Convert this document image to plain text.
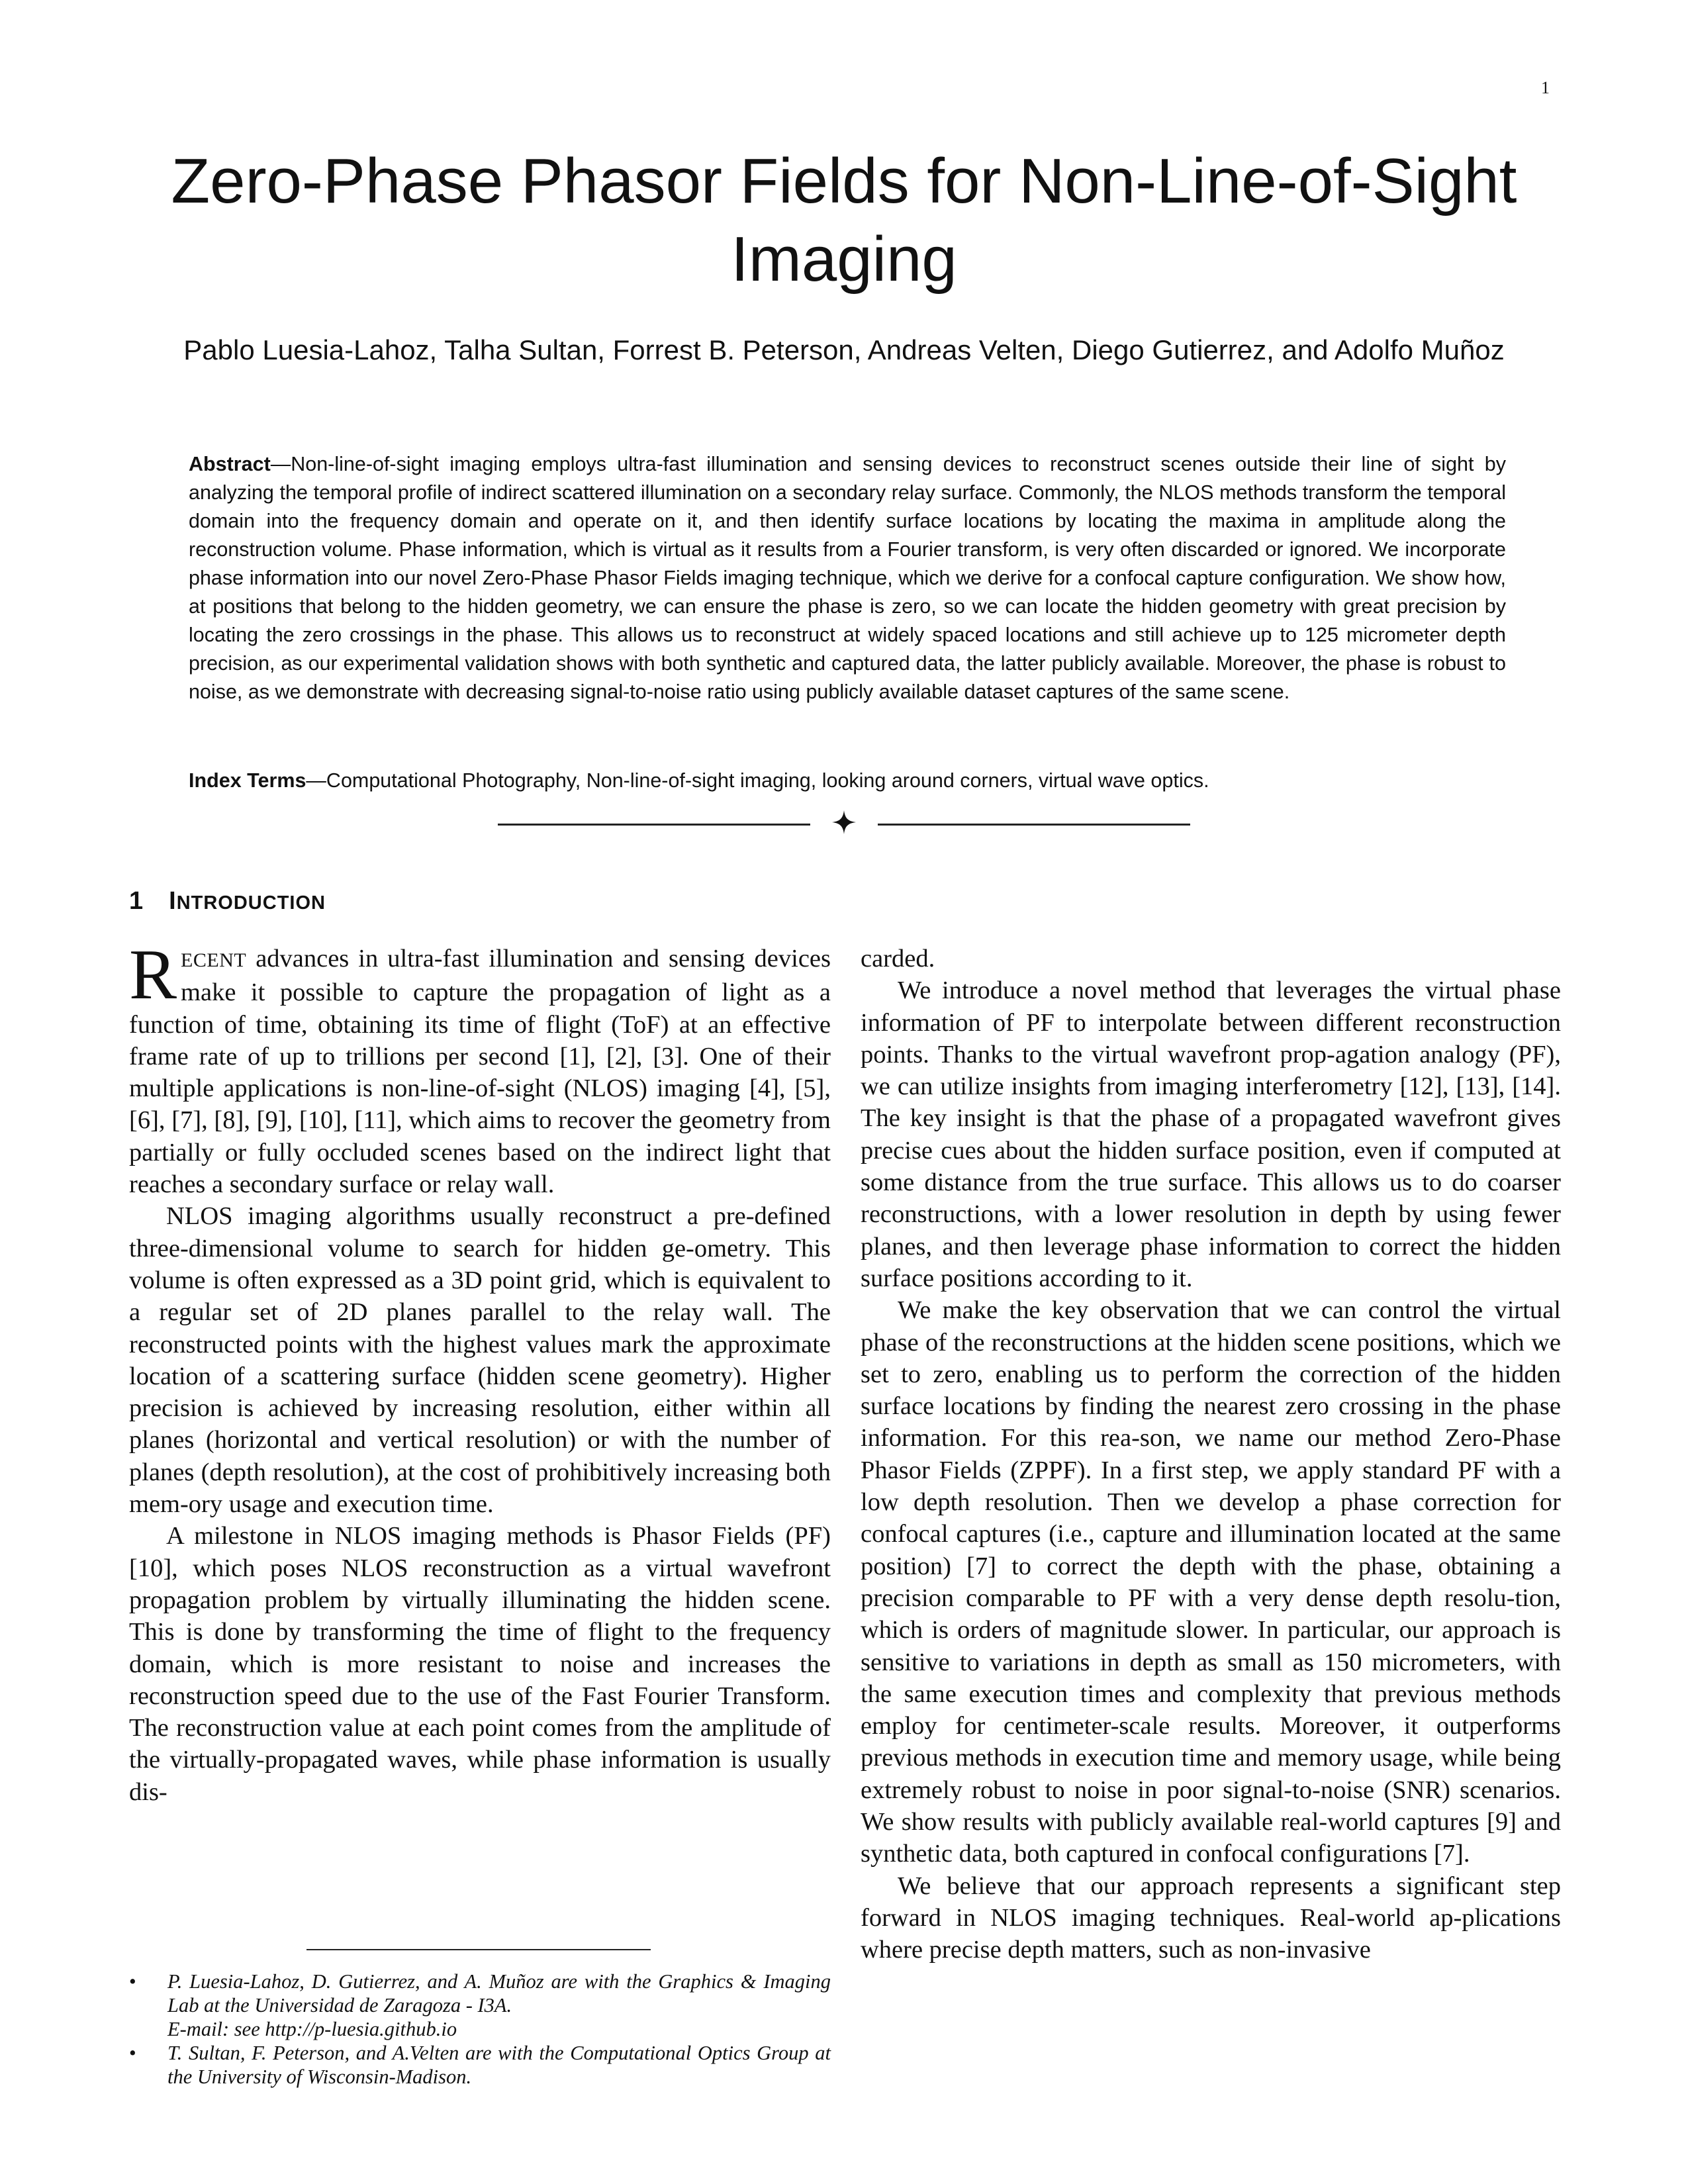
1
Zero-Phase Phasor Fields for Non-Line-of-Sight Imaging
Pablo Luesia-Lahoz, Talha Sultan, Forrest B. Peterson, Andreas Velten, Diego Gutierrez, and Adolfo Muñoz
Abstract—Non-line-of-sight imaging employs ultra-fast illumination and sensing devices to reconstruct scenes outside their line of sight by analyzing the temporal profile of indirect scattered illumination on a secondary relay surface. Commonly, the NLOS methods transform the temporal domain into the frequency domain and operate on it, and then identify surface locations by locating the maxima in amplitude along the reconstruction volume. Phase information, which is virtual as it results from a Fourier transform, is very often discarded or ignored. We incorporate phase information into our novel Zero-Phase Phasor Fields imaging technique, which we derive for a confocal capture configuration. We show how, at positions that belong to the hidden geometry, we can ensure the phase is zero, so we can locate the hidden geometry with great precision by locating the zero crossings in the phase. This allows us to reconstruct at widely spaced locations and still achieve up to 125 micrometer depth precision, as our experimental validation shows with both synthetic and captured data, the latter publicly available. Moreover, the phase is robust to noise, as we demonstrate with decreasing signal-to-noise ratio using publicly available dataset captures of the same scene.
Index Terms—Computational Photography, Non-line-of-sight imaging, looking around corners, virtual wave optics.
1 INTRODUCTION

RECENT advances in ultra-fast illumination and sensing devices make it possible to capture the propagation of light as a function of time, obtaining its time of flight (ToF) at an effective frame rate of up to trillions per second [1], [2], [3]. One of their multiple applications is non-line-of-sight (NLOS) imaging [4], [5], [6], [7], [8], [9], [10], [11], which aims to recover the geometry from partially or fully occluded scenes based on the indirect light that reaches a secondary surface or relay wall.

NLOS imaging algorithms usually reconstruct a pre-defined three-dimensional volume to search for hidden ge-ometry. This volume is often expressed as a 3D point grid, which is equivalent to a regular set of 2D planes parallel to the relay wall. The reconstructed points with the highest values mark the approximate location of a scattering surface (hidden scene geometry). Higher precision is achieved by increasing resolution, either within all planes (horizontal and vertical resolution) or with the number of planes (depth resolution), at the cost of prohibitively increasing both mem-ory usage and execution time.

A milestone in NLOS imaging methods is Phasor Fields (PF) [10], which poses NLOS reconstruction as a virtual wavefront propagation problem by virtually illuminating the hidden scene. This is done by transforming the time of flight to the frequency domain, which is more resistant to noise and increases the reconstruction speed due to the use of the Fast Fourier Transform. The reconstruction value at each point comes from the amplitude of the virtually-propagated waves, while phase information is usually dis-

carded.

We introduce a novel method that leverages the virtual phase information of PF to interpolate between different reconstruction points. Thanks to the virtual wavefront prop-agation analogy (PF), we can utilize insights from imaging interferometry [12], [13], [14]. The key insight is that the phase of a propagated wavefront gives precise cues about the hidden surface position, even if computed at some distance from the true surface. This allows us to do coarser reconstructions, with a lower resolution in depth by using fewer planes, and then leverage phase information to correct the hidden surface positions according to it.

We make the key observation that we can control the virtual phase of the reconstructions at the hidden scene positions, which we set to zero, enabling us to perform the correction of the hidden surface locations by finding the nearest zero crossing in the phase information. For this rea-son, we name our method Zero-Phase Phasor Fields (ZPPF). In a first step, we apply standard PF with a low depth resolution. Then we develop a phase correction for confocal captures (i.e., capture and illumination located at the same position) [7] to correct the depth with the phase, obtaining a precision comparable to PF with a very dense depth resolu-tion, which is orders of magnitude slower. In particular, our approach is sensitive to variations in depth as small as 150 micrometers, with the same execution times and complexity that previous methods employ for centimeter-scale results. Moreover, it outperforms previous methods in execution time and memory usage, while being extremely robust to noise in poor signal-to-noise (SNR) scenarios. We show results with publicly available real-world captures [9] and synthetic data, both captured in confocal configurations [7].

We believe that our approach represents a significant step forward in NLOS imaging techniques. Real-world ap-plications where precise depth matters, such as non-invasive

• P. Luesia-Lahoz, D. Gutierrez, and A. Muñoz are with the Graphics & Imaging Lab at the Universidad de Zaragoza - I3A.
E-mail: see http://p-luesia.github.io
• T. Sultan, F. Peterson, and A.Velten are with the Computational Optics Group at the University of Wisconsin-Madison.
